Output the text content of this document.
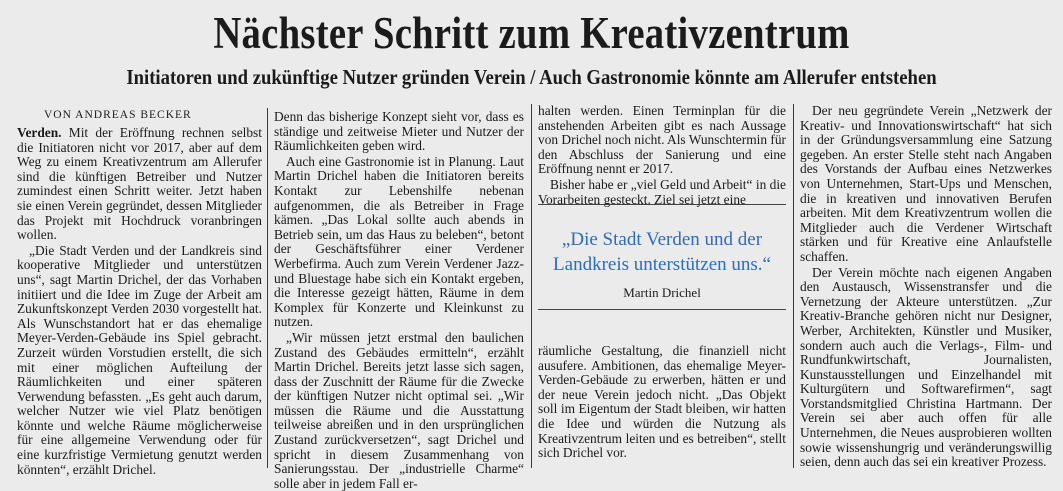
Nächster Schritt zum Kreativzentrum
Initiatoren und zukünftige Nutzer gründen Verein / Auch Gastronomie könnte am Allerufer entstehen
VON ANDREAS BECKER

Verden. Mit der Eröffnung rechnen selbst die Initiatoren nicht vor 2017, aber auf dem Weg zu einem Kreativzentrum am Allerufer sind die künftigen Betreiber und Nutzer zumindest einen Schritt weiter. Jetzt haben sie einen Verein gegründet, dessen Mitglieder das Projekt mit Hochdruck voranbringen wollen.

„Die Stadt Verden und der Landkreis sind kooperative Mitglieder und unterstützen uns“, sagt Martin Drichel, der das Vorhaben initiiert und die Idee im Zuge der Arbeit am Zukunftskonzept Verden 2030 vorgestellt hat. Als Wunschstandort hat er das ehemalige Meyer-Verden-Gebäude ins Spiel gebracht. Zurzeit würden Vorstudien erstellt, die sich mit einer möglichen Aufteilung der Räumlichkeiten und einer späteren Verwendung befassten. „Es geht auch darum, welcher Nutzer wie viel Platz benötigen könnte und welche Räume möglicherweise für eine allgemeine Verwendung oder für eine kurzfristige Vermietung genutzt werden könnten“, erzählt Drichel.

Denn das bisherige Konzept sieht vor, dass es ständige und zeitweise Mieter und Nutzer der Räumlichkeiten geben wird.

Auch eine Gastronomie ist in Planung. Laut Martin Drichel haben die Initiatoren bereits Kontakt zur Lebenshilfe nebenan aufgenommen, die als Betreiber in Frage kämen. „Das Lokal sollte auch abends in Betrieb sein, um das Haus zu beleben“, betont der Geschäftsführer einer Verdener Werbefirma. Auch zum Verein Verdener Jazz- und Bluestage habe sich ein Kontakt ergeben, die Interesse gezeigt hätten, Räume in dem Komplex für Konzerte und Kleinkunst zu nutzen.

„Wir müssen jetzt erstmal den baulichen Zustand des Gebäudes ermitteln“, erzählt Martin Drichel. Bereits jetzt lasse sich sagen, dass der Zuschnitt der Räume für die Zwecke der künftigen Nutzer nicht optimal sei. „Wir müssen die Räume und die Ausstattung teilweise abreißen und in den ursprünglichen Zustand zurückversetzen“, sagt Drichel und spricht in diesem Zusammenhang von Sanierungsstau. Der „industrielle Charme“ solle aber in jedem Fall er-

halten werden. Einen Terminplan für die anstehenden Arbeiten gibt es nach Aussage von Drichel noch nicht. Als Wunschtermin für den Abschluss der Sanierung und eine Eröffnung nennt er 2017.

Bisher habe er „viel Geld und Arbeit“ in die Vorarbeiten gesteckt. Ziel sei jetzt eine

„Die Stadt Verden und der Landkreis unterstützen uns.“
Martin Drichel

räumliche Gestaltung, die finanziell nicht ausufere. Ambitionen, das ehemalige Meyer-Verden-Gebäude zu erwerben, hätten er und der neue Verein jedoch nicht. „Das Objekt soll im Eigentum der Stadt bleiben, wir hatten die Idee und würden die Nutzung als Kreativzentrum leiten und es betreiben“, stellt sich Drichel vor.

Der neu gegründete Verein „Netzwerk der Kreativ- und Innovationswirtschaft“ hat sich in der Gründungsversammlung eine Satzung gegeben. An erster Stelle steht nach Angaben des Vorstands der Aufbau eines Netzwerkes von Unternehmen, Start-Ups und Menschen, die in kreativen und innovativen Berufen arbeiten. Mit dem Kreativzentrum wollen die Mitglieder auch die Verdener Wirtschaft stärken und für Kreative eine Anlaufstelle schaffen.

Der Verein möchte nach eigenen Angaben den Austausch, Wissenstransfer und die Vernetzung der Akteure unterstützen. „Zur Kreativ-Branche gehören nicht nur Designer, Werber, Architekten, Künstler und Musiker, sondern auch auch die Verlags-, Film- und Rundfunkwirtschaft, Journalisten, Kunstausstellungen und Einzelhandel mit Kulturgütern und Softwarefirmen“, sagt Vorstandsmitglied Christina Hartmann. Der Verein sei aber auch offen für alle Unternehmen, die Neues ausprobieren wollten sowie wissenshungrig und veränderungswillig seien, denn auch das sei ein kreativer Prozess.
